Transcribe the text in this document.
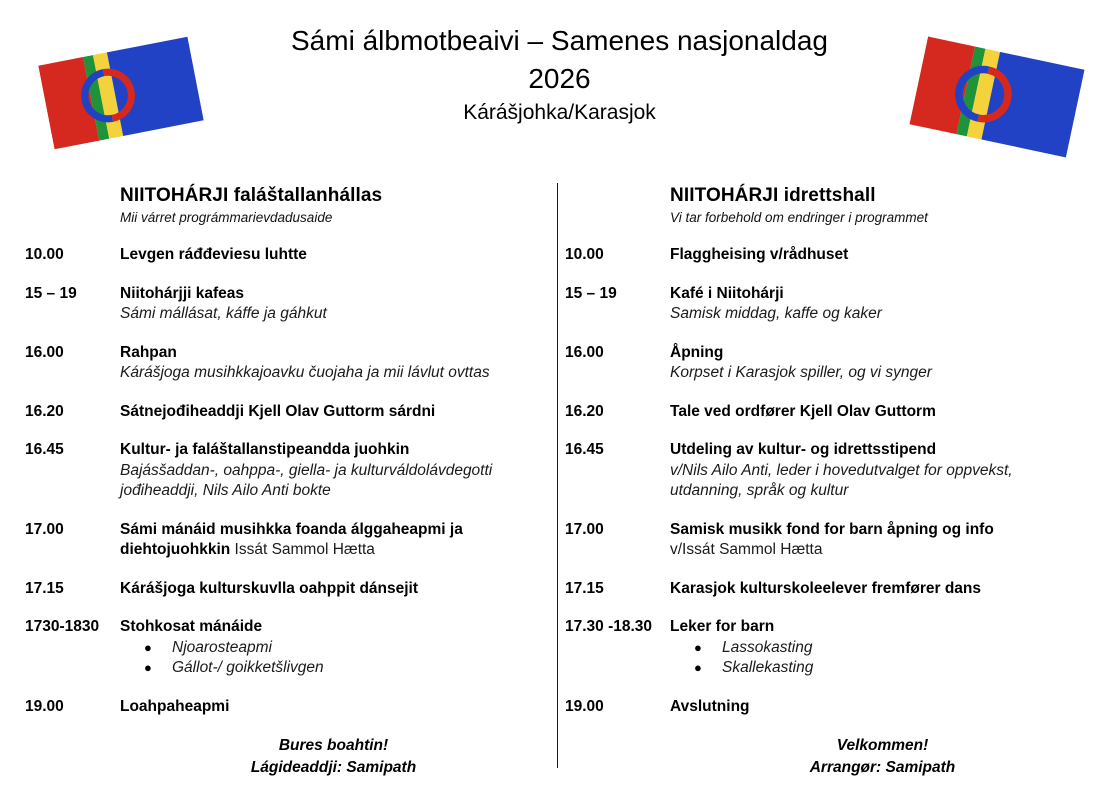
Sámi álbmotbeaivi – Samenes nasjonaldag
2026
Kárášjohka/Karasjok
NIITOHÁRJI faláštallanhállas
Mii várret prográmmarievdadusaide
10.00	Levgen ráđđeviesu luhtte
15 – 19	Niitohárjji kafeas
Sámi mállásat, káffe ja gáhkut
16.00	Rahpan
Kárášjoga musihkkajoavku čuojaha ja mii lávlut ovttas
16.20	Sátnejođiheaddji Kjell Olav Guttorm sárdni
16.45	Kultur- ja faláštallanstipeandda juohkin
Bajásšaddan-, oahppa-, giella- ja kulturváldolávdegotti
jođiheaddji, Nils Ailo Anti bokte
17.00	Sámi mánáid musihkka foanda álggaheapmi ja diehtojuohkkin Issát Sammol Hætta
17.15	Kárášjoga kulturskuvlla oahppit dánsejit
1730-1830	Stohkosat mánáide
●	Njoarosteapmi
●	Gállot-/ goikketšlivgen
19.00	Loahpaheapmi
Bures boahtin!
Lágideaddji: Samipath
NIITOHÁRJI idrettshall
Vi tar forbehold om endringer i programmet
10.00	Flaggheising v/rådhuset
15 – 19	Kafé i Niitohárji
Samisk middag, kaffe og kaker
16.00	Åpning
Korpset i Karasjok spiller, og vi synger
16.20	Tale ved ordfører Kjell Olav Guttorm
16.45	Utdeling av kultur- og idrettsstipend
v/Nils Ailo Anti, leder i hovedutvalget for oppvekst,
utdanning, språk og kultur
17.00	Samisk musikk fond for barn åpning og info
v/Issát Sammol Hætta
17.15	Karasjok kulturskoleelever fremfører dans
17.30 -18.30	Leker for barn
●	Lassokasting
●	Skallekasting
19.00	Avslutning
Velkommen!
Arrangør: Samipath
